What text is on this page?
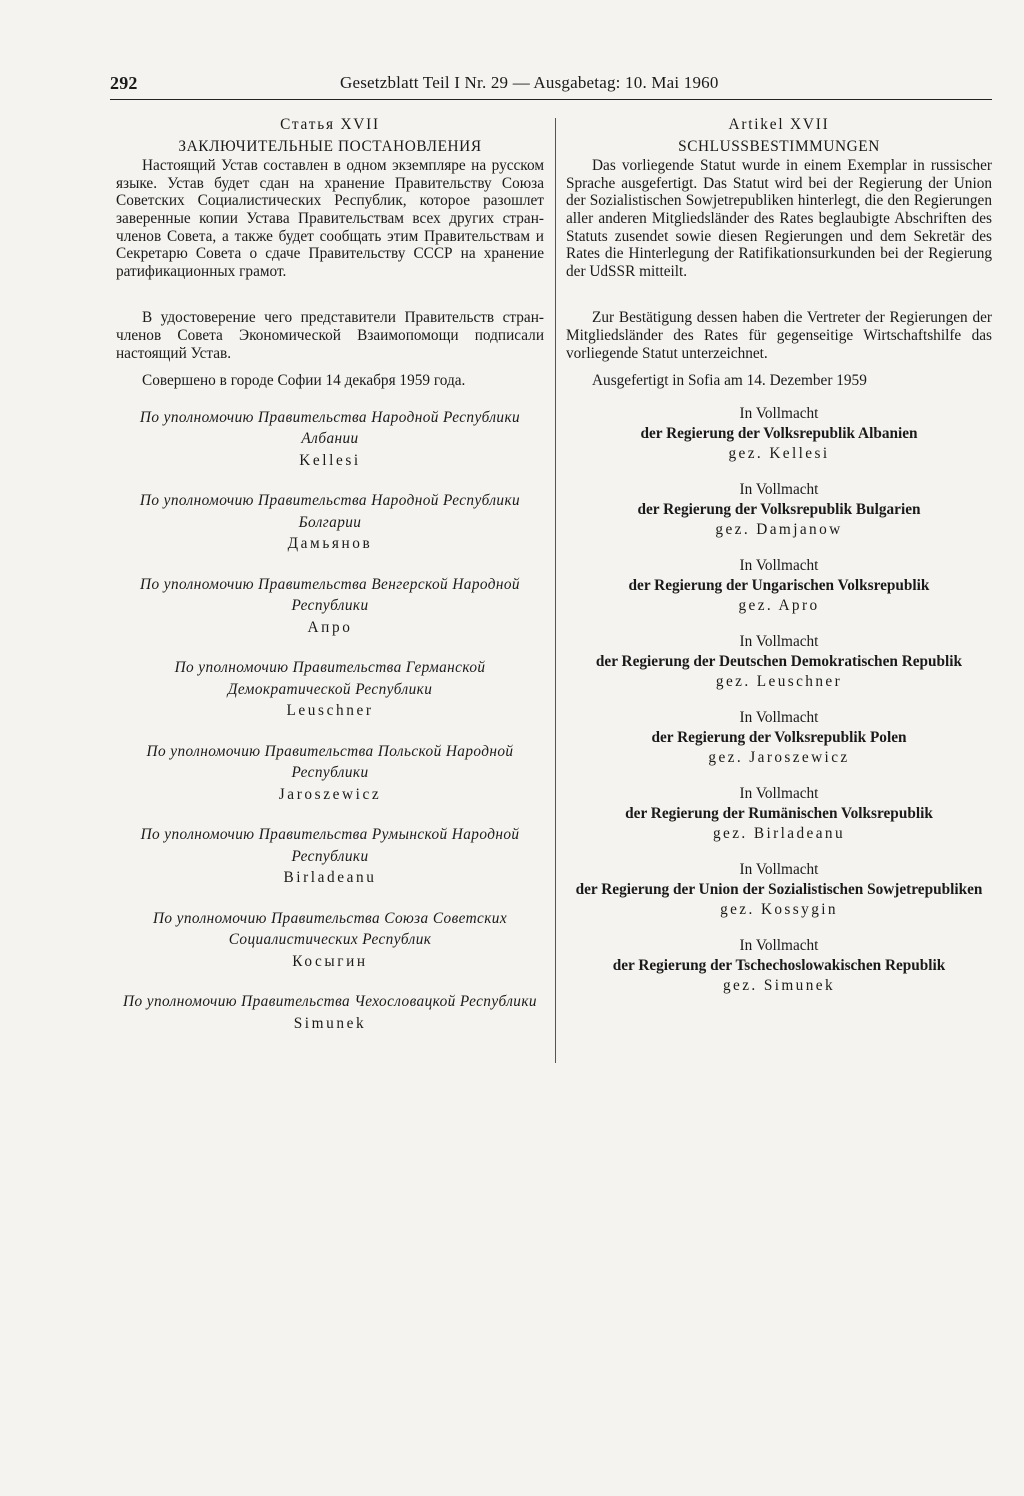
292	Gesetzblatt Teil I Nr. 29 — Ausgabetag: 10. Mai 1960
Статья XVII
ЗАКЛЮЧИТЕЛЬНЫЕ ПОСТАНОВЛЕНИЯ

Настоящий Устав составлен в одном экземпляре на русском языке. Устав будет сдан на хранение Правительству Союза Советских Социалистических Республик, которое разошлет заверенные копии Устава Правительствам всех других стран-членов Совета, а также будет сообщать этим Правительствам и Секретарю Совета о сдаче Правительству СССР на хранение ратификационных грамот.

В удостоверение чего представители Правительств стран-членов Совета Экономической Взаимопомощи подписали настоящий Устав.

Совершено в городе Софии 14 декабря 1959 года.

По уполномочию Правительства Народной Республики Албании
Kellesi
По уполномочию Правительства Народной Республики Болгарии
Дамьянов
По уполномочию Правительства Венгерской Народной Республики
Апро
По уполномочию Правительства Германской Демократической Республики
Leuschner
По уполномочию Правительства Польской Народной Республики
Jaroszewicz
По уполномочию Правительства Румынской Народной Республики
Birladeanu
По уполномочию Правительства Союза Советских Социалистических Республик
Косыгин
По уполномочию Правительства Чехословацкой Республики
Simunek
Artikel XVII
SCHLUSSBESTIMMUNGEN

Das vorliegende Statut wurde in einem Exemplar in russischer Sprache ausgefertigt. Das Statut wird bei der Regierung der Union der Sozialistischen Sowjetrepubliken hinterlegt, die den Regierungen aller anderen Mitgliedsländer des Rates beglaubigte Abschriften des Statuts zusendet sowie diesen Regierungen und dem Sekretär des Rates die Hinterlegung der Ratifikationsurkunden bei der Regierung der UdSSR mitteilt.

Zur Bestätigung dessen haben die Vertreter der Regierungen der Mitgliedsländer des Rates für gegenseitige Wirtschaftshilfe das vorliegende Statut unterzeichnet.

Ausgefertigt in Sofia am 14. Dezember 1959

In Vollmacht
der Regierung der Volksrepublik Albanien
gez. Kellesi
In Vollmacht
der Regierung der Volksrepublik Bulgarien
gez. Damjanow
In Vollmacht
der Regierung der Ungarischen Volksrepublik
gez. Apro
In Vollmacht
der Regierung der Deutschen Demokratischen Republik
gez. Leuschner
In Vollmacht
der Regierung der Volksrepublik Polen
gez. Jaroszewicz
In Vollmacht
der Regierung der Rumänischen Volksrepublik
gez. Birladeanu
In Vollmacht
der Regierung der Union der Sozialistischen Sowjetrepubliken
gez. Kossygin
In Vollmacht
der Regierung der Tschechoslowakischen Republik
gez. Simunek
